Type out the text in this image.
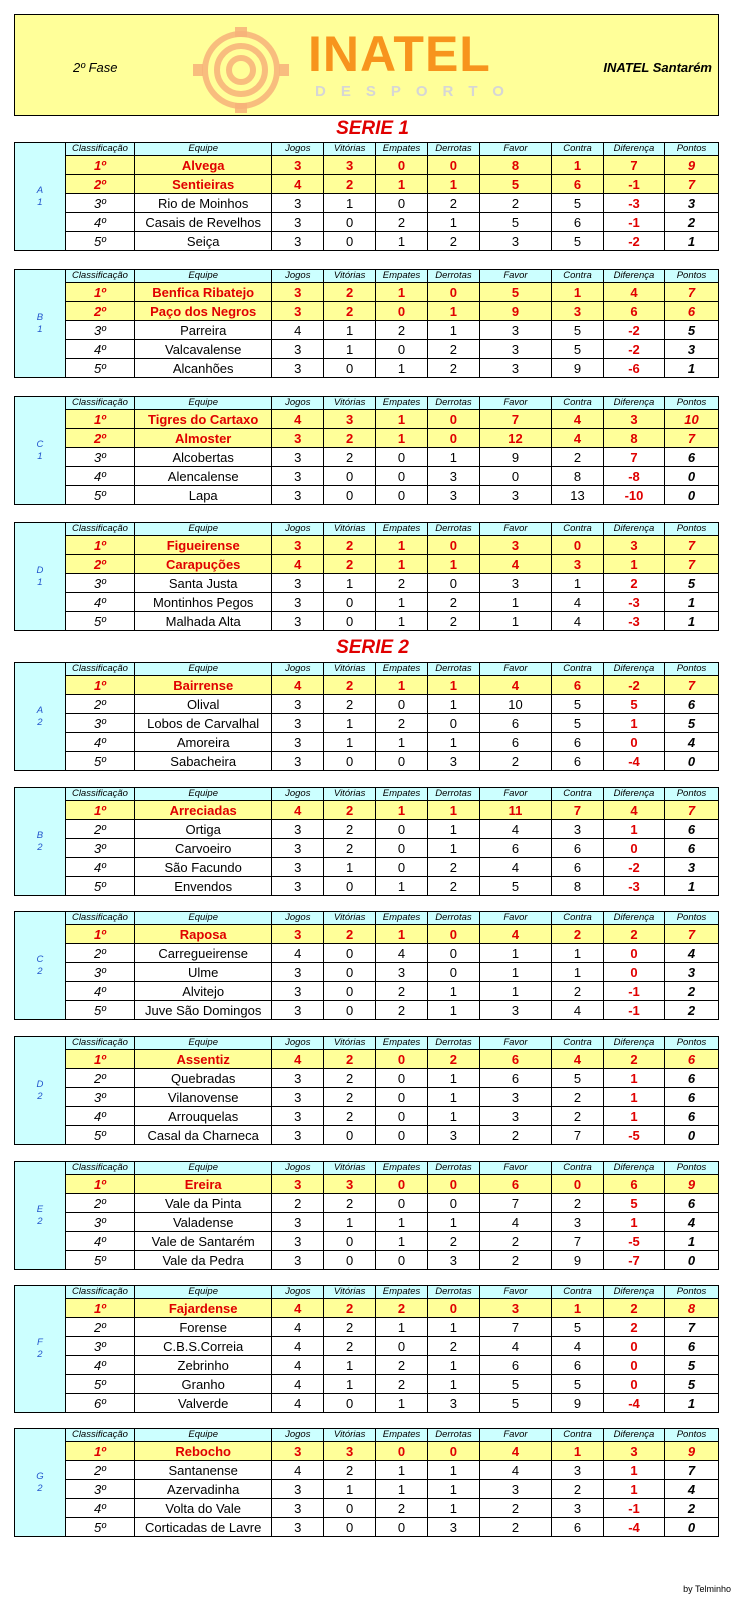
2º Fase	INATEL
DESPORTO
INATEL Santarém
SERIE 1
A
1	Classificação	Equipe	Jogos	Vitórias	Empates	Derrotas	Favor	Contra	Diferença	Pontos
	1º	Alvega	3	3	0	0	8	1	7	9
	2º	Sentieiras	4	2	1	1	5	6	-1	7
	3º	Rio de Moinhos	3	1	0	2	2	5	-3	3
	4º	Casais de Revelhos	3	0	2	1	5	6	-1	2
	5º	Seiça	3	0	1	2	3	5	-2	1
B
1	Classificação	Equipe	Jogos	Vitórias	Empates	Derrotas	Favor	Contra	Diferença	Pontos
	1º	Benfica Ribatejo	3	2	1	0	5	1	4	7
	2º	Paço dos Negros	3	2	0	1	9	3	6	6
	3º	Parreira	4	1	2	1	3	5	-2	5
	4º	Valcavalense	3	1	0	2	3	5	-2	3
	5º	Alcanhões	3	0	1	2	3	9	-6	1
C
1	Classificação	Equipe	Jogos	Vitórias	Empates	Derrotas	Favor	Contra	Diferença	Pontos
	1º	Tigres do Cartaxo	4	3	1	0	7	4	3	10
	2º	Almoster	3	2	1	0	12	4	8	7
	3º	Alcobertas	3	2	0	1	9	2	7	6
	4º	Alencalense	3	0	0	3	0	8	-8	0
	5º	Lapa	3	0	0	3	3	13	-10	0
D
1	Classificação	Equipe	Jogos	Vitórias	Empates	Derrotas	Favor	Contra	Diferença	Pontos
	1º	Figueirense	3	2	1	0	3	0	3	7
	2º	Carapuções	4	2	1	1	4	3	1	7
	3º	Santa Justa	3	1	2	0	3	1	2	5
	4º	Montinhos Pegos	3	0	1	2	1	4	-3	1
	5º	Malhada Alta	3	0	1	2	1	4	-3	1
SERIE 2
A
2	Classificação	Equipe	Jogos	Vitórias	Empates	Derrotas	Favor	Contra	Diferença	Pontos
	1º	Bairrense	4	2	1	1	4	6	-2	7
	2º	Olival	3	2	0	1	10	5	5	6
	3º	Lobos de Carvalhal	3	1	2	0	6	5	1	5
	4º	Amoreira	3	1	1	1	6	6	0	4
	5º	Sabacheira	3	0	0	3	2	6	-4	0
B
2	Classificação	Equipe	Jogos	Vitórias	Empates	Derrotas	Favor	Contra	Diferença	Pontos
	1º	Arreciadas	4	2	1	1	11	7	4	7
	2º	Ortiga	3	2	0	1	4	3	1	6
	3º	Carvoeiro	3	2	0	1	6	6	0	6
	4º	São Facundo	3	1	0	2	4	6	-2	3
	5º	Envendos	3	0	1	2	5	8	-3	1
C
2	Classificação	Equipe	Jogos	Vitórias	Empates	Derrotas	Favor	Contra	Diferença	Pontos
	1º	Raposa	3	2	1	0	4	2	2	7
	2º	Carregueirense	4	0	4	0	1	1	0	4
	3º	Ulme	3	0	3	0	1	1	0	3
	4º	Alvitejo	3	0	2	1	1	2	-1	2
	5º	Juve São Domingos	3	0	2	1	3	4	-1	2
D
2	Classificação	Equipe	Jogos	Vitórias	Empates	Derrotas	Favor	Contra	Diferença	Pontos
	1º	Assentiz	4	2	0	2	6	4	2	6
	2º	Quebradas	3	2	0	1	6	5	1	6
	3º	Vilanovense	3	2	0	1	3	2	1	6
	4º	Arrouquelas	3	2	0	1	3	2	1	6
	5º	Casal da Charneca	3	0	0	3	2	7	-5	0
E
2	Classificação	Equipe	Jogos	Vitórias	Empates	Derrotas	Favor	Contra	Diferença	Pontos
	1º	Ereira	3	3	0	0	6	0	6	9
	2º	Vale da Pinta	2	2	0	0	7	2	5	6
	3º	Valadense	3	1	1	1	4	3	1	4
	4º	Vale de Santarém	3	0	1	2	2	7	-5	1
	5º	Vale da Pedra	3	0	0	3	2	9	-7	0
F
2	Classificação	Equipe	Jogos	Vitórias	Empates	Derrotas	Favor	Contra	Diferença	Pontos
	1º	Fajardense	4	2	2	0	3	1	2	8
	2º	Forense	4	2	1	1	7	5	2	7
	3º	C.B.S.Correia	4	2	0	2	4	4	0	6
	4º	Zebrinho	4	1	2	1	6	6	0	5
	5º	Granho	4	1	2	1	5	5	0	5
	6º	Valverde	4	0	1	3	5	9	-4	1
G
2	Classificação	Equipe	Jogos	Vitórias	Empates	Derrotas	Favor	Contra	Diferença	Pontos
	1º	Rebocho	3	3	0	0	4	1	3	9
	2º	Santanense	4	2	1	1	4	3	1	7
	3º	Azervadinha	3	1	1	1	3	2	1	4
	4º	Volta do Vale	3	0	2	1	2	3	-1	2
	5º	Corticadas de Lavre	3	0	0	3	2	6	-4	0
by Telminho
